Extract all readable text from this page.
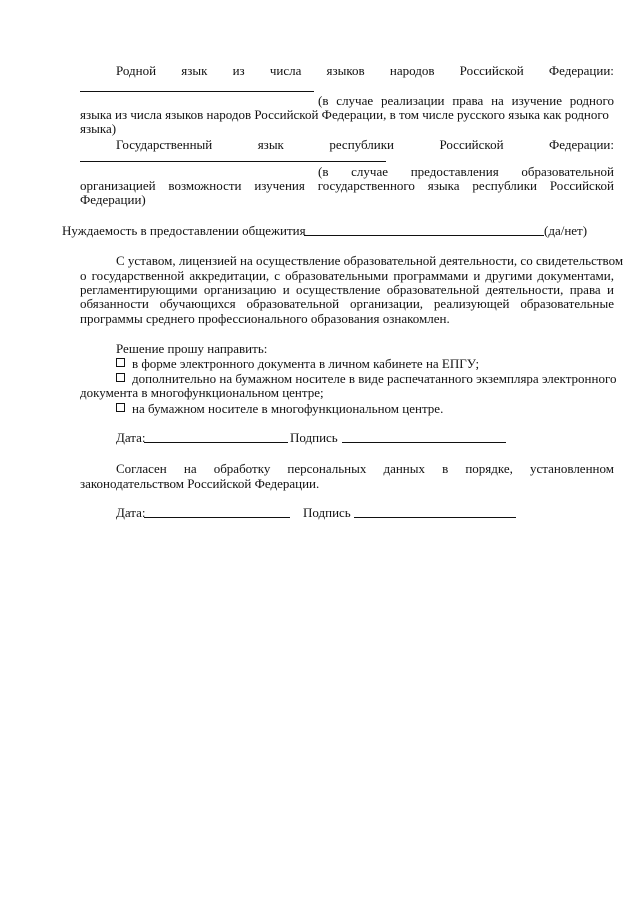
Родной язык из числа языков народов Российской Федерации:
(в случае реализации права на изучение родного
языка из числа языков народов Российской Федерации, в том числе русского языка как родного
языка)
Государственный	язык	республики	Российской	Федерации:
(в случае предоставления образовательной
организацией возможности изучения государственного языка республики Российской
Федерации)
Нуждаемость в предоставлении общежития	(да/нет)
С уставом, лицензией на осуществление образовательной деятельности, со свидетельством
о государственной аккредитации, с образовательными программами и другими документами,
регламентирующими организацию и осуществление образовательной деятельности, права и
обязанности обучающихся образовательной организации, реализующей образовательные
программы среднего профессионального образования ознакомлен.
Решение прошу направить:
в форме электронного документа в личном кабинете на ЕПГУ;
дополнительно на бумажном носителе в виде распечатанного экземпляра электронного
документа в многофункциональном центре;
на бумажном носителе в многофункциональном центре.
Дата:	Подпись
Согласен на обработку персональных данных в порядке, установленном
законодательством Российской Федерации.
Дата:	Подпись
